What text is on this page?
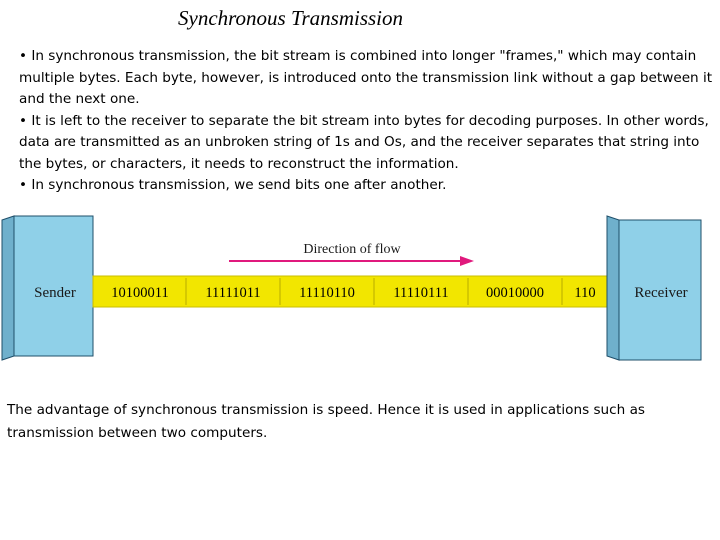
Synchronous Transmission

• In synchronous transmission, the bit stream is combined into longer "frames," which may contain multiple bytes. Each byte, however, is introduced onto the transmission link without a gap between it and the next one.

• It is left to the receiver to separate the bit stream into bytes for decoding purposes. In other words, data are transmitted as an unbroken string of 1s and Os, and the receiver separates that string into the bytes, or characters, it needs to reconstruct the information.

• In synchronous transmission, we send bits one after another.

Sender 10100011	11111011	11110110	11110111	00010000 110	Receiver
Direction of flow

The advantage of synchronous transmission is speed. Hence it is used in applications such as transmission between two computers.
